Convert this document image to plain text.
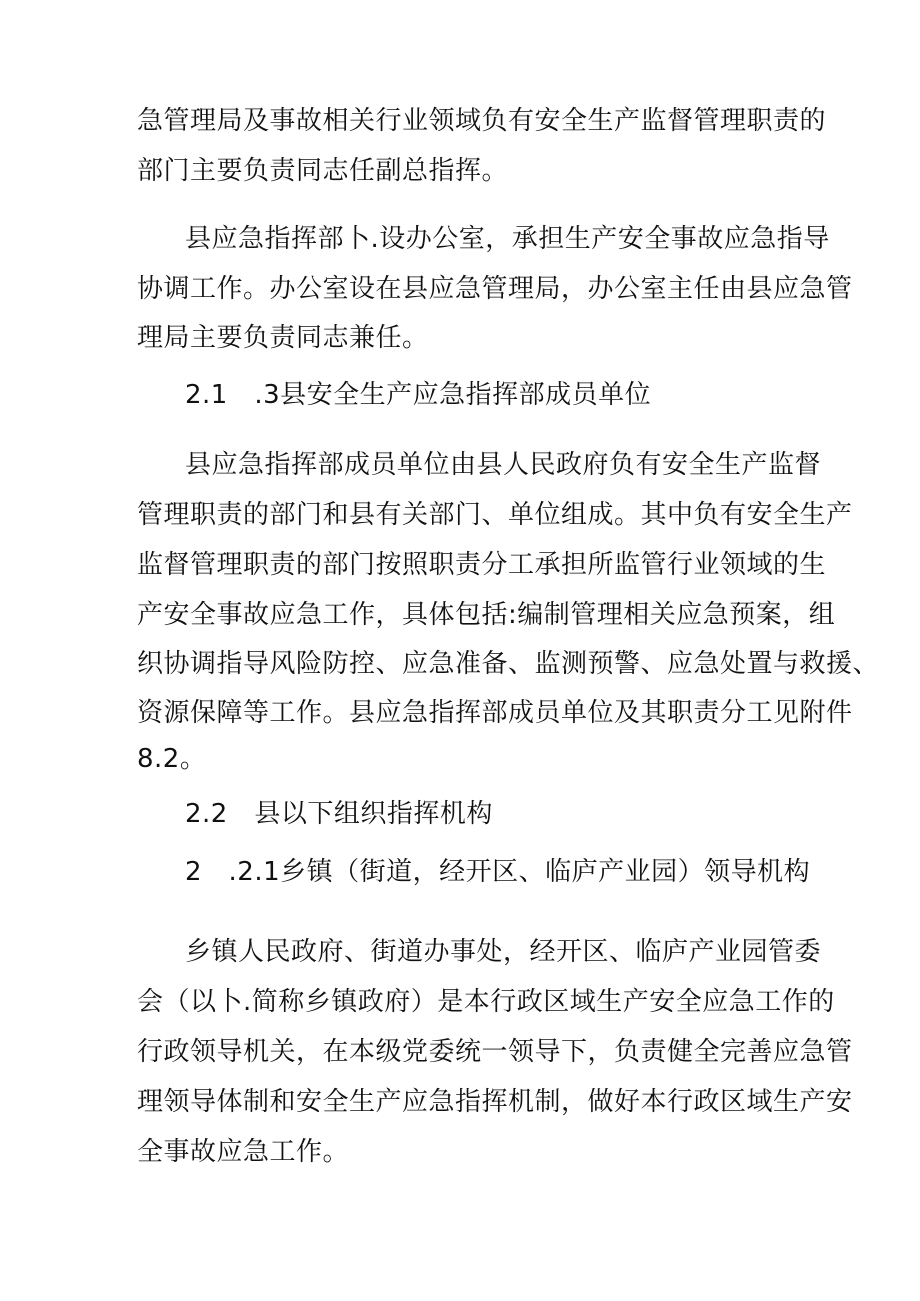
急管理局及事故相关行业领域负有安全生产监督管理职责的

部门主要负责同志任副总指挥。

县应急指挥部卜.设办公室，承担生产安全事故应急指导

协调工作。办公室设在县应急管理局，办公室主任由县应急管

理局主要负责同志兼任。

2.1　.3县安全生产应急指挥部成员单位

县应急指挥部成员单位由县人民政府负有安全生产监督

管理职责的部门和县有关部门、单位组成。其中负有安全生产

监督管理职责的部门按照职责分工承担所监管行业领域的生

产安全事故应急工作，具体包括:编制管理相关应急预案，组

织协调指导风险防控、应急准备、监测预警、应急处置与救援、

资源保障等工作。县应急指挥部成员单位及其职责分工见附件

8.2。

2.2　县以下组织指挥机构

2　.2.1乡镇（街道，经开区、临庐产业园）领导机构

乡镇人民政府、街道办事处，经开区、临庐产业园管委

会（以卜.简称乡镇政府）是本行政区域生产安全应急工作的

行政领导机关，在本级党委统一领导下，负责健全完善应急管

理领导体制和安全生产应急指挥机制，做好本行政区域生产安

全事故应急工作。
